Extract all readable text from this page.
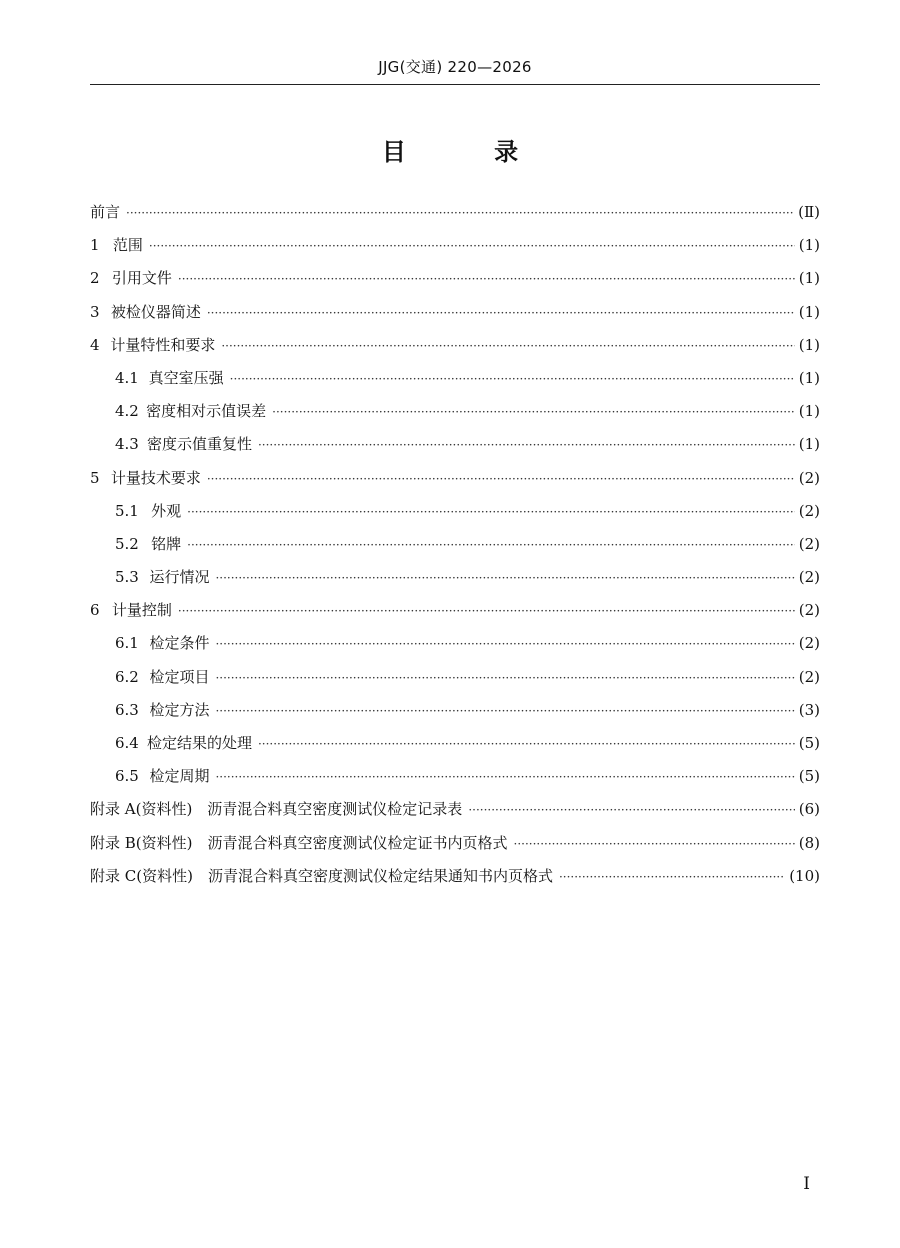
JJG(交通) 220—2026
目 录
前言 ·····	(Ⅱ)
1 范围 ·····	(1)
2 引用文件 ·····	(1)
3 被检仪器简述 ·····	(1)
4 计量特性和要求 ·····	(1)
4.1 真空室压强 ·····	(1)
4.2 密度相对示值误差 ·····	(1)
4.3 密度示值重复性 ·····	(1)
5 计量技术要求 ·····	(2)
5.1 外观 ·····	(2)
5.2 铭牌 ·····	(2)
5.3 运行情况 ·····	(2)
6 计量控制 ·····	(2)
6.1 检定条件 ·····	(2)
6.2 检定项目 ·····	(2)
6.3 检定方法 ·····	(3)
6.4 检定结果的处理 ·····	(5)
6.5 检定周期 ·····	(5)
附录 A(资料性)　沥青混合料真空密度测试仪检定记录表 ·····	(6)
附录 B(资料性)　沥青混合料真空密度测试仪检定证书内页格式 ·····	(8)
附录 C(资料性)　沥青混合料真空密度测试仪检定结果通知书内页格式 ·····	(10)
I
